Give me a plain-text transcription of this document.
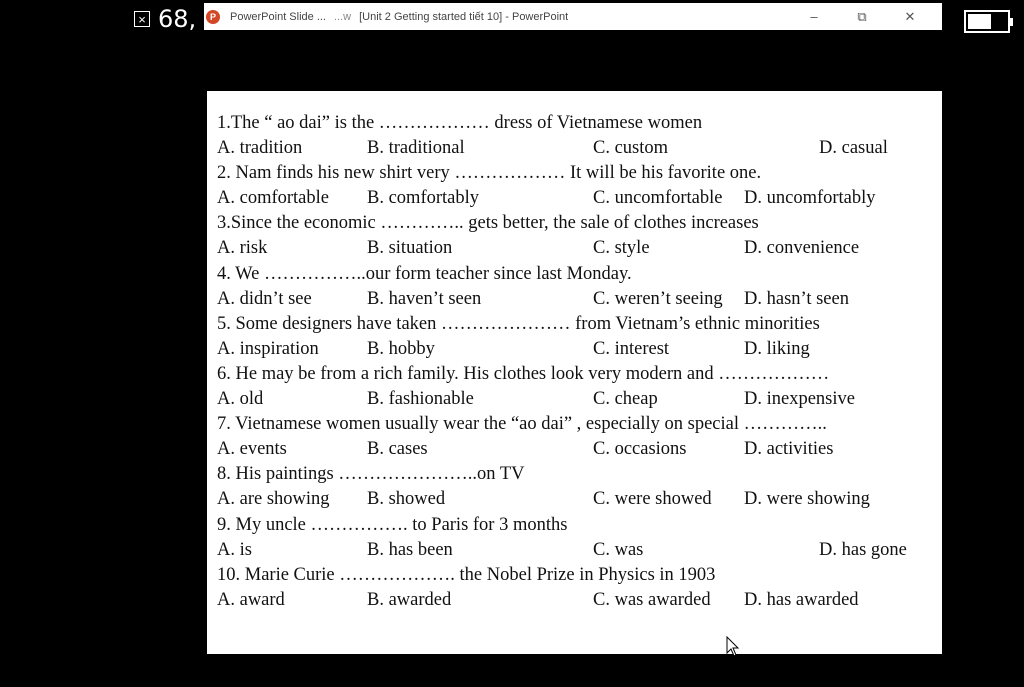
× 68,	P	PowerPoint Slide ... ...w [Unit 2 Getting started tiết 10] - PowerPoint	–	⧉	✕
1.The “ ao dai” is the ……………… dress of Vietnamese women
A. tradition	B. traditional	C. custom	D. casual
2. Nam finds his new shirt very ……………… It will be his favorite one.
A. comfortable B. comfortably	C. uncomfortable D. uncomfortably
3.Since the economic ………….. gets better, the sale of clothes increases
A. risk	B. situation	C. style	D. convenience
4. We ……………..our form teacher since last Monday.
A. didn’t see	B. haven’t seen	C. weren’t seeing D. hasn’t seen
5. Some designers have taken ………………… from Vietnam’s ethnic minorities
A. inspiration	B. hobby	C. interest	D. liking
6. He may be from a rich family. His clothes look very modern and ………………
A. old	B. fashionable	C. cheap	D. inexpensive
7. Vietnamese women usually wear the “ao dai” , especially on special …………..
A. events	B. cases	C. occasions	D. activities
8. His paintings …………………..on TV
A. are showing B. showed	C. were showed D. were showing
9. My uncle ……………. to Paris for 3 months
A. is	B. has been	C. was	D. has gone
10. Marie Curie ………………. the Nobel Prize in Physics in 1903
A. award	B. awarded	C. was awarded D. has awarded
